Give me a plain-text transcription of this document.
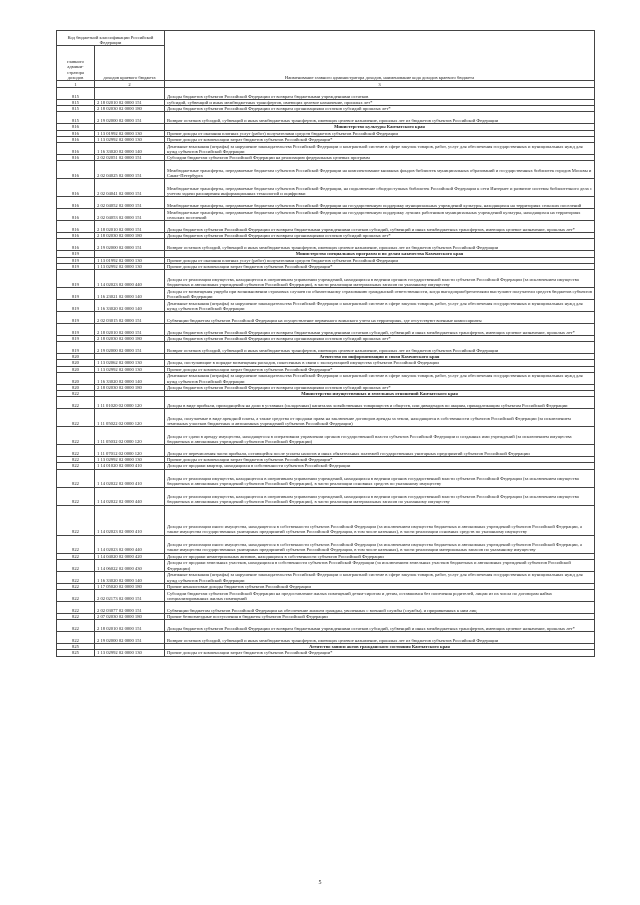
Код бюджетной классификации Российской Федерации		Наименование главного администратора доходов, наименование кода доходов краевого бюджета
главного админи-стратора доходов	доходов краевого бюджета	
1	2	3
815		Доходы бюджетов субъектов Российской Федерации от возврата бюджетными учреждениями остатков
815	2 18 02010 02 0000 151	субсидий, субвенций и иных межбюджетных трансфертов, имеющих целевое назначение, прошлых лет*
815	2 18 02030 02 0000 180	Доходы бюджетов субъектов Российской Федерации от возврата организациями остатков субсидий прошлых лет*
815	2 19 02000 02 0000 151	Возврат остатков субсидий, субвенций и иных межбюджетных трансфертов, имеющих целевое назначение, прошлых лет из бюджетов субъектов Российской Федерации
816		Министерство культуры Камчатского края
816	1 13 01992 02 0000 130	Прочие доходы от оказания платных услуг (работ) получателями средств бюджетов субъектов Российской Федерации
816	1 13 02992 02 0000 130	Прочие доходы от компенсации затрат бюджетов субъектов Российской Федерации*
816	1 16 33020 02 0000 140	Денежные взыскания (штрафы) за нарушение законодательства Российской Федерации о контрактной системе в сфере закупок товаров, работ, услуг для обеспечения государственных и муниципальных нужд для нужд субъектов Российской Федерации
816	2 02 02051 02 0000 151	Субсидии бюджетам субъектов Российской Федерации на реализацию федеральных целевых программ
816	2 02 04025 02 0000 151	Межбюджетные трансферты, передаваемые бюджетам субъектов Российской Федерации на комплектование книжных фондов библиотек муниципальных образований и государственных библиотек городов Москвы и Санкт-Петербурга
816	2 02 04041 02 0000 151	Межбюджетные трансферты, передаваемые бюджетам субъектов Российской Федерации, на подключение общедоступных библиотек Российской Федерации к сети Интернет и развитие системы библиотечного дела с учетом задачи расширения информационных технологий и оцифровки
816	2 02 04052 02 0000 151	Межбюджетные трансферты, передаваемые бюджетам субъектов Российской Федерации на государственную поддержку муниципальных учреждений культуры, находящихся на территориях сельских поселений
816	2 02 04053 02 0000 151	Межбюджетные трансферты, передаваемые бюджетам субъектов Российской Федерации на государственную поддержку лучших работников муниципальных учреждений культуры, находящихся на территориях сельских поселений
816	2 18 02010 02 0000 151	Доходы бюджетов субъектов Российской Федерации от возврата бюджетными учреждениями остатков субсидий, субвенций и иных межбюджетных трансфертов, имеющих целевое назначение, прошлых лет*
816	2 18 02030 02 0000 180	Доходы бюджетов субъектов Российской Федерации от возврата организациями остатков субсидий прошлых лет*
816	2 19 02000 02 0000 151	Возврат остатков субсидий, субвенций и иных межбюджетных трансфертов, имеющих целевое назначение, прошлых лет из бюджетов субъектов Российской Федерации
819		Министерство специальных программ и по делам казачества Камчатского края
819	1 13 01992 02 0000 130	Прочие доходы от оказания платных услуг (работ) получателями средств бюджетов субъектов Российской Федерации
819	1 13 02992 02 0000 130	Прочие доходы от компенсации затрат бюджетов субъектов Российской Федерации*
819	1 14 02023 02 0000 440	Доходы от реализации имущества, находящегося в оперативном управлении учреждений, находящихся в ведении органов государственной власти субъектов Российской Федерации (за исключением имущества бюджетных и автономных учреждений субъектов Российской Федерации), в части реализации материальных запасов по указанному имуществу
819	1 16 23021 02 0000 140	Доходы от возмещения ущерба при возникновении страховых случаев по обязательному страхованию гражданской ответственности, когда выгодоприобретателями выступают получатели средств бюджетов субъектов Российской Федерации
819	1 16 33020 02 0000 140	Денежные взыскания (штрафы) за нарушение законодательства Российской Федерации о контрактной системе в сфере закупок товаров, работ, услуг для обеспечения государственных и муниципальных нужд для нужд субъектов Российской Федерации
819	2 02 03015 02 0000 151	Субвенции бюджетам субъектов Российской Федерации на осуществление первичного воинского учета на территориях, где отсутствуют военные комиссариаты
819	2 18 02010 02 0000 151	Доходы бюджетов субъектов Российской Федерации от возврата бюджетными учреждениями остатков субсидий, субвенций и иных межбюджетных трансфертов, имеющих целевое назначение, прошлых лет*
819	2 18 02030 02 0000 180	Доходы бюджетов субъектов Российской Федерации от возврата организациями остатков субсидий прошлых лет*
819	2 19 02000 02 0000 151	Возврат остатков субсидий, субвенций и иных межбюджетных трансфертов, имеющих целевое назначение, прошлых лет из бюджетов субъектов Российской Федерации
820		Агентство по информатизации и связи Камчатского края
820	1 13 02062 02 0000 130	Доходы, поступающие в порядке возмещения расходов, понесенных в связи с эксплуатацией имущества субъектов Российской Федерации
820	1 13 02992 02 0000 130	Прочие доходы от компенсации затрат бюджетов субъектов Российской Федерации*
820	1 16 33020 02 0000 140	Денежные взыскания (штрафы) за нарушение законодательства Российской Федерации о контрактной системе в сфере закупок товаров, работ, услуг для обеспечения государственных и муниципальных нужд для нужд субъектов Российской Федерации
820	2 18 02030 02 0000 180	Доходы бюджетов субъектов Российской Федерации от возврата организациями остатков субсидий прошлых лет*
822		Министерство имущественных и земельных отношений Камчатского края
822	1 11 01020 02 0000 120	Доходы в виде прибыли, приходящейся на доли в уставных (складочных) капиталах хозяйственных товариществ и обществ, или дивидендов по акциям, принадлежащим субъектам Российской Федерации
822	1 11 05022 02 0000 120	Доходы, получаемые в виде арендной платы, а также средства от продажи права на заключение договоров аренды за земли, находящиеся в собственности субъектов Российской Федерации (за исключением земельных участков бюджетных и автономных учреждений субъектов Российской Федерации)
822	1 11 05032 02 0000 120	Доходы от сдачи в аренду имущества, находящегося в оперативном управлении органов государственной власти субъектов Российской Федерации и созданных ими учреждений (за исключением имущества бюджетных и автономных учреждений субъектов Российской Федерации)
822	1 11 07012 02 0000 120	Доходы от перечисления части прибыли, остающейся после уплаты налогов и иных обязательных платежей государственных унитарных предприятий субъектов Российской Федерации
822	1 13 02992 02 0000 130	Прочие доходы от компенсации затрат бюджетов субъектов Российской Федерации*
822	1 14 01020 02 0000 410	Доходы от продажи квартир, находящихся в собственности субъектов Российской Федерации
822	1 14 02022 02 0000 410	Доходы от реализации имущества, находящегося в оперативном управлении учреждений, находящихся в ведении органов государственной власти субъектов Российской Федерации (за исключением имущества бюджетных и автономных учреждений субъектов Российской Федерации), в части реализации основных средств по указанному имуществу
822	1 14 02022 02 0000 440	Доходы от реализации имущества, находящегося в оперативном управлении учреждений, находящихся в ведении органов государственной власти субъектов Российской Федерации (за исключением имущества бюджетных и автономных учреждений субъектов Российской Федерации), в части реализации материальных запасов по указанному имуществу
822	1 14 02023 02 0000 410	Доходы от реализации иного имущества, находящегося в собственности субъектов Российской Федерации (за исключением имущества бюджетных и автономных учреждений субъектов Российской Федерации, а также имущества государственных унитарных предприятий субъектов Российской Федерации, в том числе казенных), в части реализации основных средств по указанному имуществу
822	1 14 02023 02 0000 440	Доходы от реализации иного имущества, находящегося в собственности субъектов Российской Федерации (за исключением имущества бюджетных и автономных учреждений субъектов Российской Федерации, а также имущества государственных унитарных предприятий субъектов Российской Федерации, в том числе казенных), в части реализации материальных запасов по указанному имуществу
822	1 14 04020 02 0000 420	Доходы от продажи нематериальных активов, находящихся в собственности субъектов Российской Федерации
822	1 14 06022 02 0000 430	Доходы от продажи земельных участков, находящихся в собственности субъектов Российской Федерации (за исключением земельных участков бюджетных и автономных учреждений субъектов Российской Федерации)
822	1 16 33020 02 0000 140	Денежные взыскания (штрафы) за нарушение законодательства Российской Федерации о контрактной системе в сфере закупок товаров, работ, услуг для обеспечения государственных и муниципальных нужд для нужд субъектов Российской Федерации
822	1 17 05020 02 0000 180	Прочие неналоговые доходы бюджетов субъектов Российской Федерации
822	2 02 02173 02 0000 151	Субсидии бюджетам субъектов Российской Федерации на предоставление жилых помещений детям-сиротам и детям, оставшимся без попечения родителей, лицам из их числа по договорам найма специализированных жилых помещений
822	2 02 03077 02 0000 151	Субвенции бюджетам субъектов Российской Федерации на обеспечение жильем граждан, уволенных с военной службы (службы), и приравненных к ним лиц
822	2 07 02030 02 0000 180	Прочие безвозмездные поступления в бюджеты субъектов Российской Федерации
822	2 18 02010 02 0000 151	Доходы бюджетов субъектов Российской Федерации от возврата бюджетными учреждениями остатков субсидий, субвенций и иных межбюджетных трансфертов, имеющих целевое назначение, прошлых лет*
822	2 19 02000 02 0000 151	Возврат остатков субсидий, субвенций и иных межбюджетных трансфертов, имеющих целевое назначение, прошлых лет из бюджетов субъектов Российской Федерации
825		Агентство записи актов гражданского состояния Камчатского края
825	1 13 02992 02 0000 130	Прочие доходы от компенсации затрат бюджетов субъектов Российской Федерации*
5
